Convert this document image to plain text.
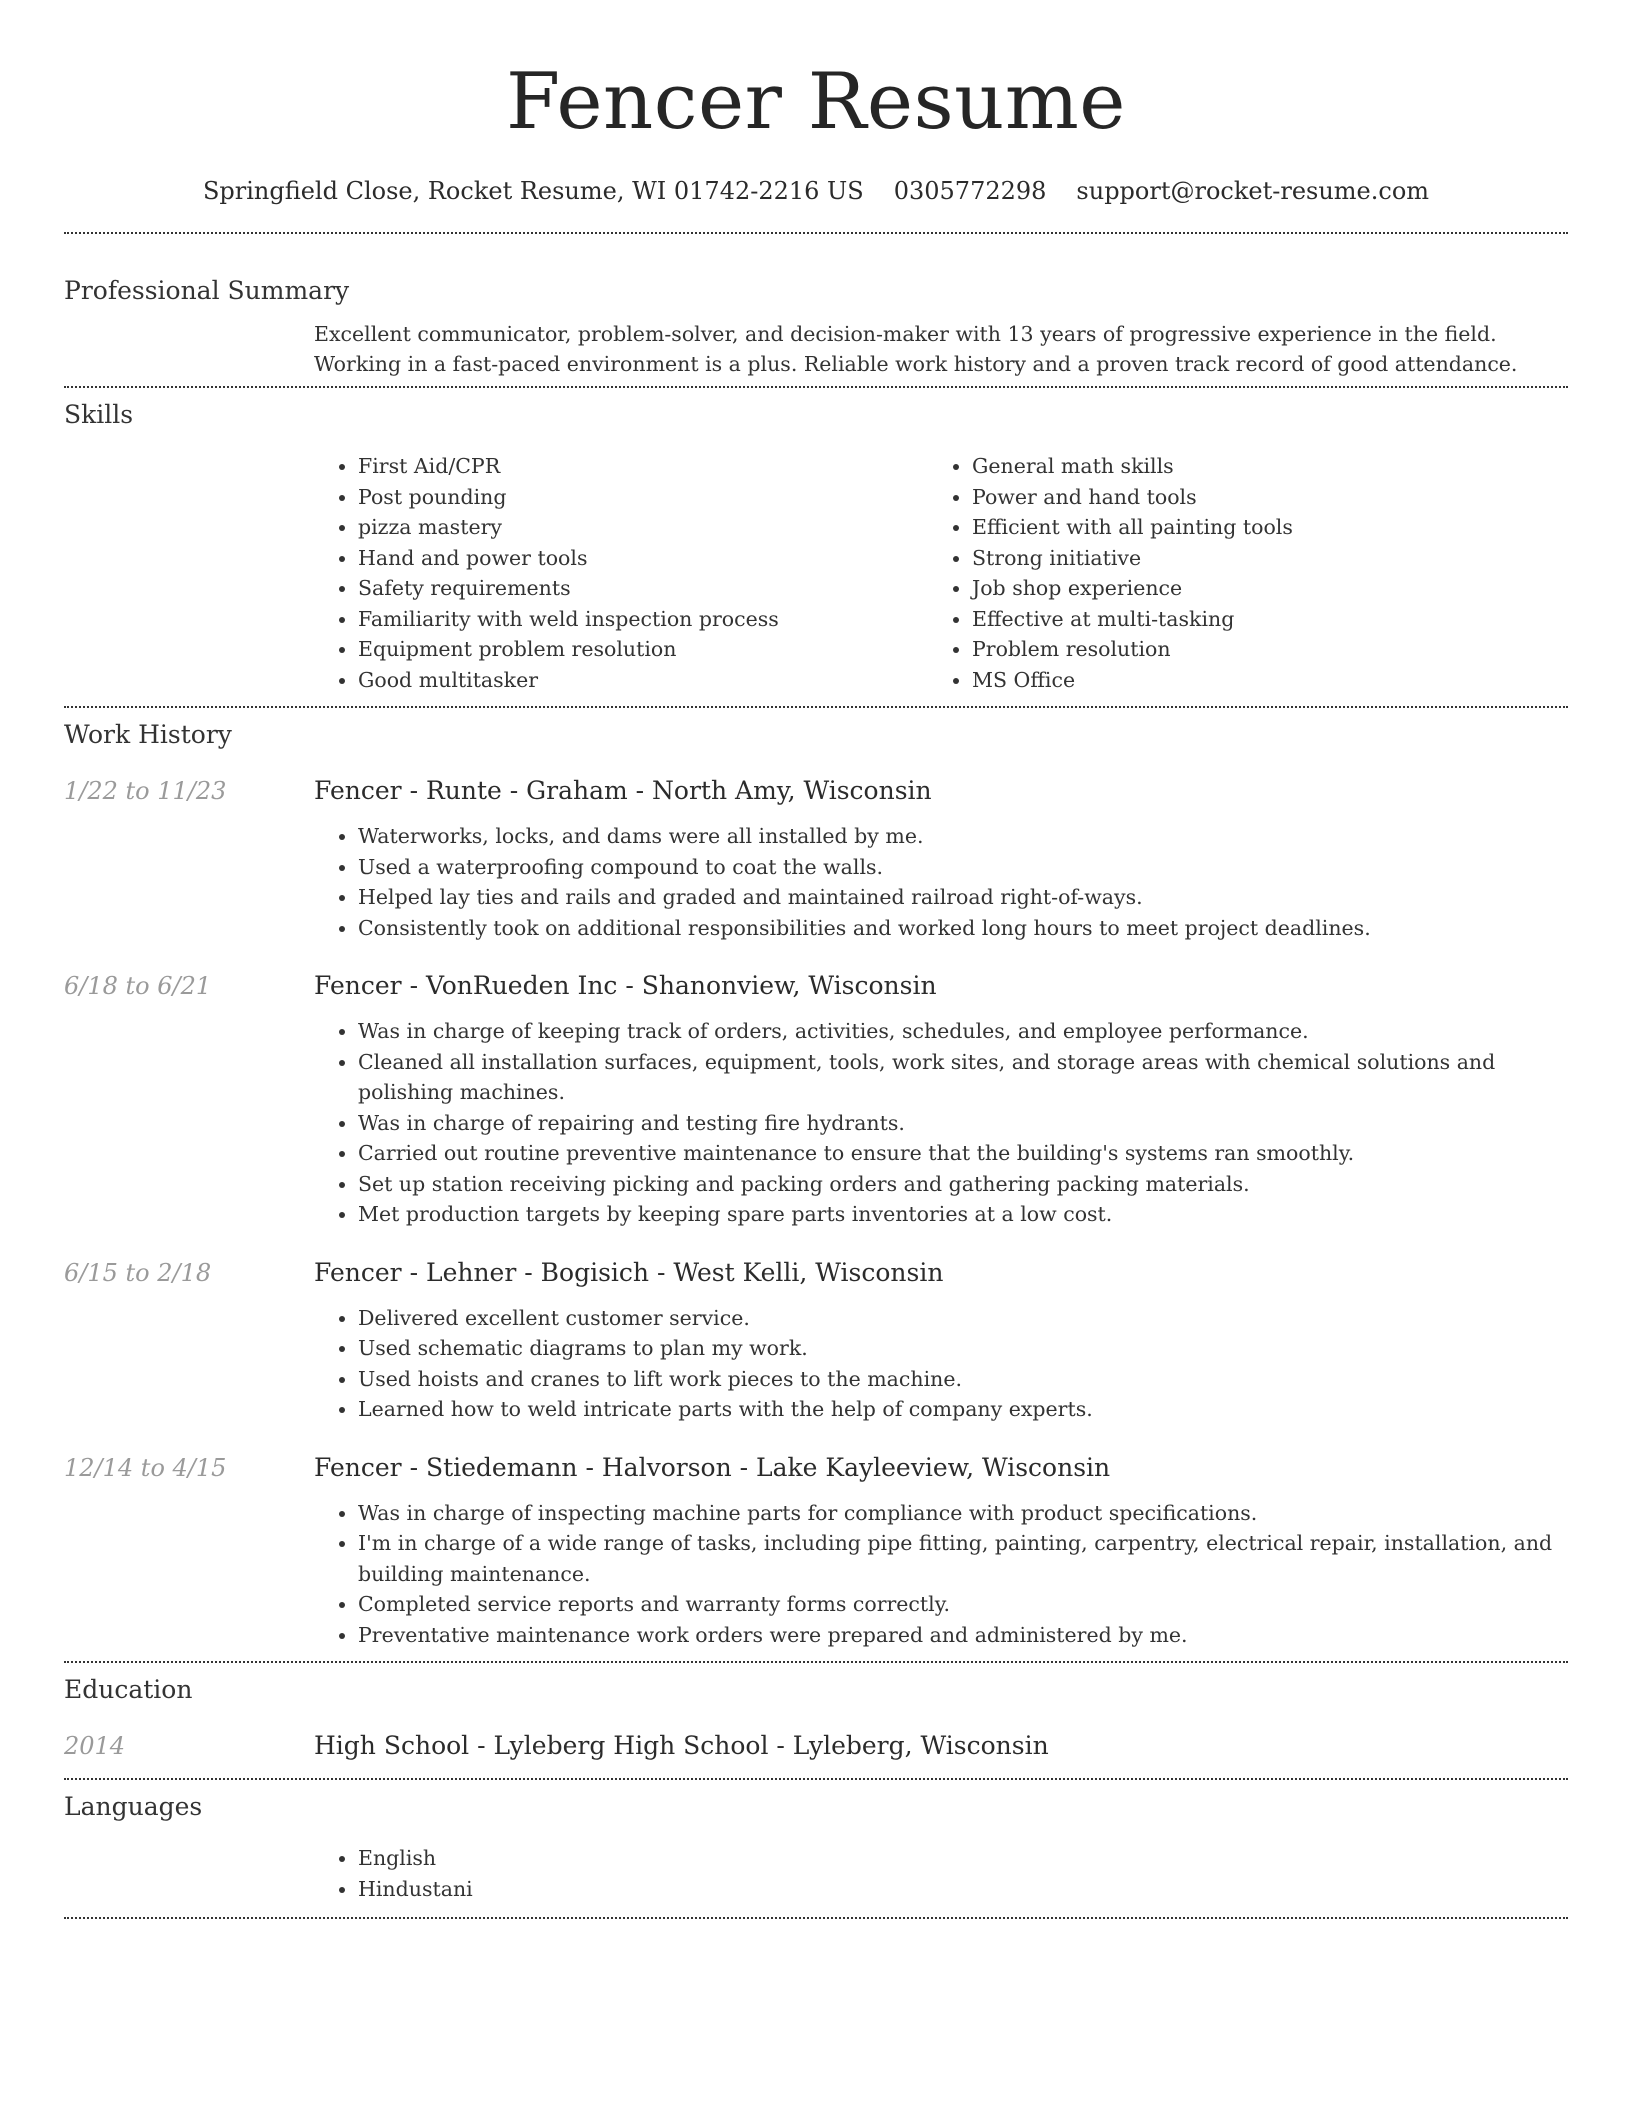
Fencer Resume
Springfield Close, Rocket Resume, WI 01742-2216 US 0305772298 support@rocket-resume.com
Professional Summary
Excellent communicator, problem-solver, and decision-maker with 13 years of progressive experience in the field. Working in a fast-paced environment is a plus. Reliable work history and a proven track record of good attendance.
Skills
• First Aid/CPR
• Post pounding
• pizza mastery
• Hand and power tools
• Safety requirements
• Familiarity with weld inspection process
• Equipment problem resolution
• Good multitasker
• General math skills
• Power and hand tools
• Efficient with all painting tools
• Strong initiative
• Job shop experience
• Effective at multi-tasking
• Problem resolution
• MS Office
Work History
1/22 to 11/23	Fencer - Runte - Graham - North Amy, Wisconsin
• Waterworks, locks, and dams were all installed by me.
• Used a waterproofing compound to coat the walls.
• Helped lay ties and rails and graded and maintained railroad right-of-ways.
• Consistently took on additional responsibilities and worked long hours to meet project deadlines.
6/18 to 6/21	Fencer - VonRueden Inc - Shanonview, Wisconsin
• Was in charge of keeping track of orders, activities, schedules, and employee performance.
• Cleaned all installation surfaces, equipment, tools, work sites, and storage areas with chemical solutions and polishing machines.
• Was in charge of repairing and testing fire hydrants.
• Carried out routine preventive maintenance to ensure that the building's systems ran smoothly.
• Set up station receiving picking and packing orders and gathering packing materials.
• Met production targets by keeping spare parts inventories at a low cost.
6/15 to 2/18	Fencer - Lehner - Bogisich - West Kelli, Wisconsin
• Delivered excellent customer service.
• Used schematic diagrams to plan my work.
• Used hoists and cranes to lift work pieces to the machine.
• Learned how to weld intricate parts with the help of company experts.
12/14 to 4/15	Fencer - Stiedemann - Halvorson - Lake Kayleeview, Wisconsin
• Was in charge of inspecting machine parts for compliance with product specifications.
• I'm in charge of a wide range of tasks, including pipe fitting, painting, carpentry, electrical repair, installation, and building maintenance.
• Completed service reports and warranty forms correctly.
• Preventative maintenance work orders were prepared and administered by me.
Education
2014	High School - Lyleberg High School - Lyleberg, Wisconsin
Languages
• English
• Hindustani
